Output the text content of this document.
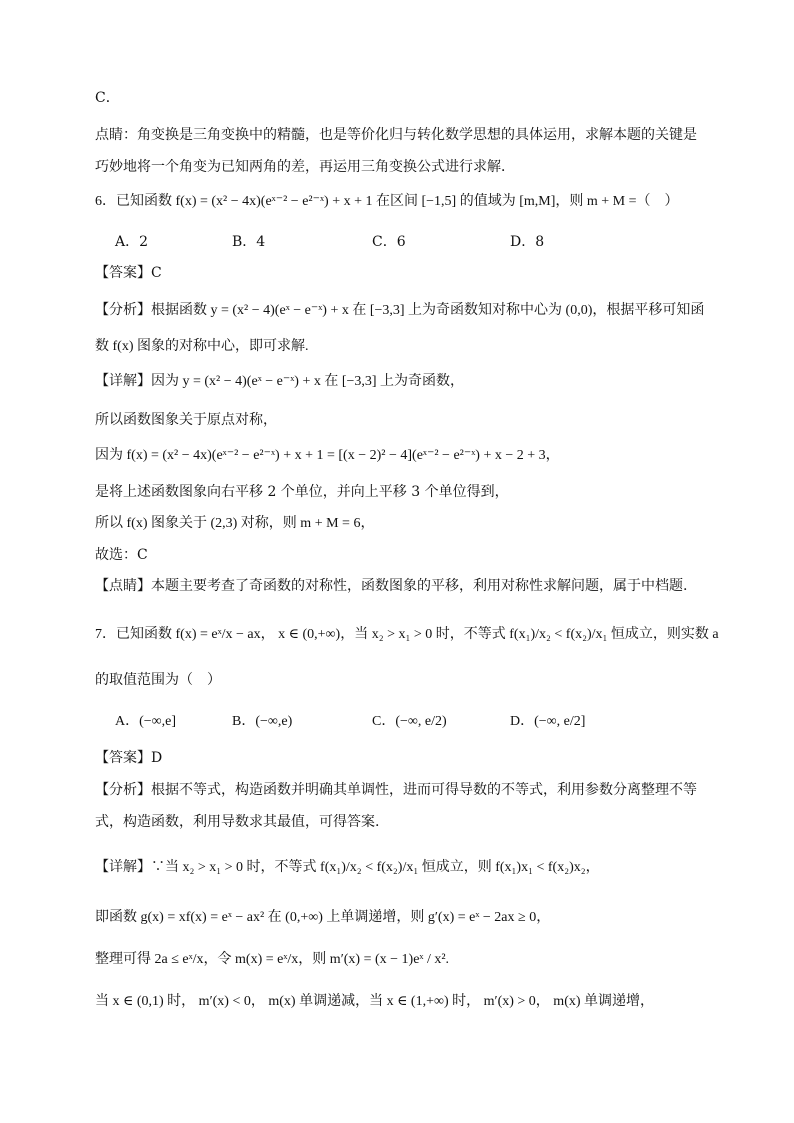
C．
点睛：角变换是三角变换中的精髓，也是等价化归与转化数学思想的具体运用，求解本题的关键是
巧妙地将一个角变为已知两角的差，再运用三角变换公式进行求解．
6．已知函数 f(x) = (x² − 4x)(eˣ⁻² − e²⁻ˣ) + x + 1 在区间 [−1,5] 的值域为 [m,M]，则 m + M =（　）
A．2	B．4	C．6	D．8
【答案】C
【分析】根据函数 y = (x² − 4)(eˣ − e⁻ˣ) + x 在 [−3,3] 上为奇函数知对称中心为 (0,0)，根据平移可知函
数 f(x) 图象的对称中心，即可求解.
【详解】因为 y = (x² − 4)(eˣ − e⁻ˣ) + x 在 [−3,3] 上为奇函数，
所以函数图象关于原点对称，
因为 f(x) = (x² − 4x)(eˣ⁻² − e²⁻ˣ) + x + 1 = [(x − 2)² − 4](eˣ⁻² − e²⁻ˣ) + x − 2 + 3，
是将上述函数图象向右平移 2 个单位，并向上平移 3 个单位得到，
所以 f(x) 图象关于 (2,3) 对称，则 m + M = 6，
故选：C
【点睛】本题主要考查了奇函数的对称性，函数图象的平移，利用对称性求解问题，属于中档题.
7．已知函数 f(x) = eˣ/x − ax， x ∈ (0,+∞)，当 x₂ > x₁ > 0 时，不等式 f(x₁)/x₂ < f(x₂)/x₁ 恒成立，则实数 a
的取值范围为（　）
A．(−∞,e]	B．(−∞,e)	C．(−∞, e/2)	D．(−∞, e/2]
【答案】D
【分析】根据不等式，构造函数并明确其单调性，进而可得导数的不等式，利用参数分离整理不等
式，构造函数，利用导数求其最值，可得答案.
【详解】∵当 x₂ > x₁ > 0 时，不等式 f(x₁)/x₂ < f(x₂)/x₁ 恒成立，则 f(x₁)x₁ < f(x₂)x₂，
即函数 g(x) = xf(x) = eˣ − ax² 在 (0,+∞) 上单调递增，则 g′(x) = eˣ − 2ax ≥ 0，
整理可得 2a ≤ eˣ/x，令 m(x) = eˣ/x，则 m′(x) = (x − 1)eˣ / x².
当 x ∈ (0,1) 时， m′(x) < 0， m(x) 单调递减，当 x ∈ (1,+∞) 时， m′(x) > 0， m(x) 单调递增，
